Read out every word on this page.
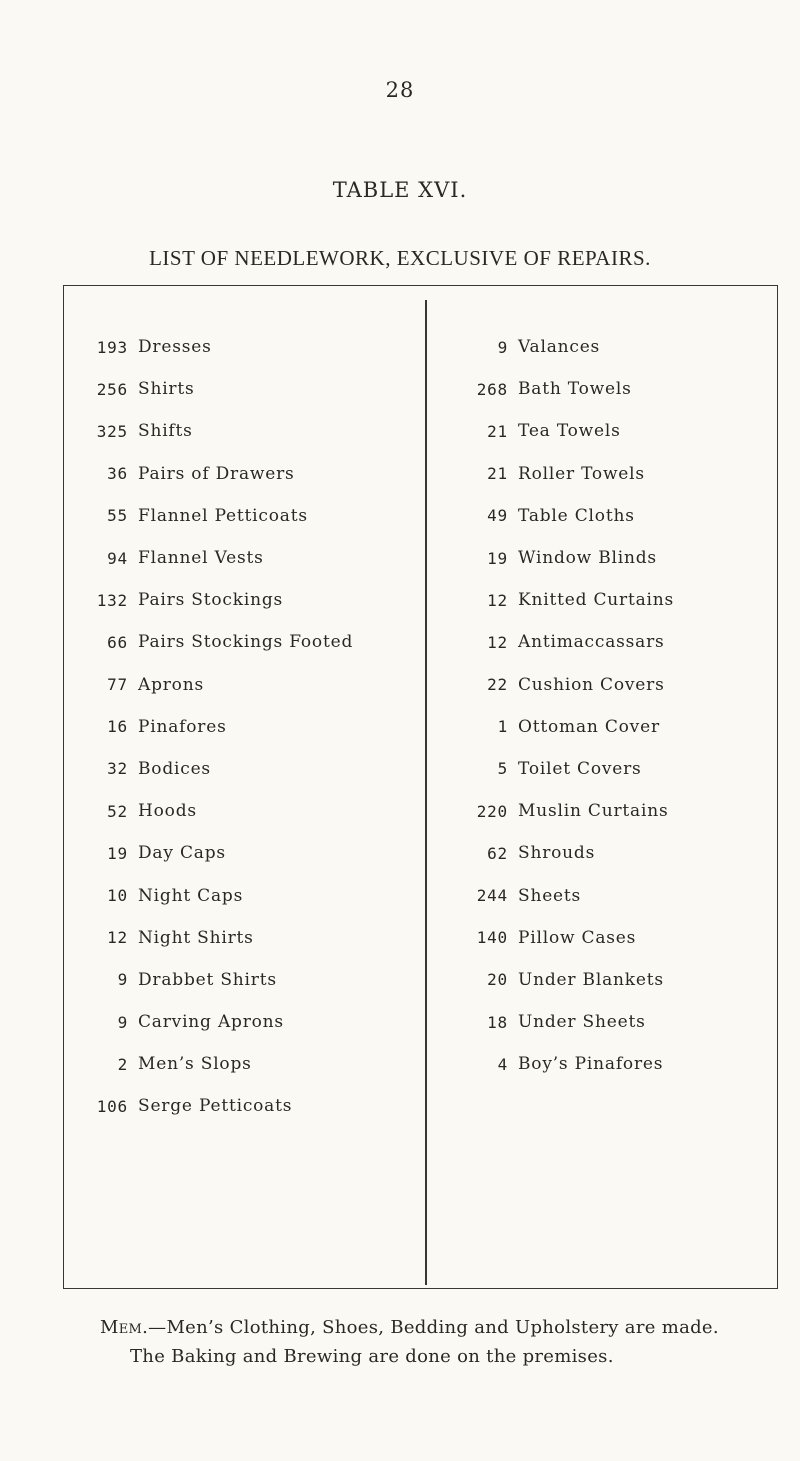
28
TABLE XVI.
LIST OF NEEDLEWORK, EXCLUSIVE OF REPAIRS.
193 Dresses
256 Shirts
325 Shifts
36 Pairs of Drawers
55 Flannel Petticoats
94 Flannel Vests
132 Pairs Stockings
66 Pairs Stockings Footed
77 Aprons
16 Pinafores
32 Bodices
52 Hoods
19 Day Caps
10 Night Caps
12 Night Shirts
9 Drabbet Shirts
9 Carving Aprons
2 Men’s Slops
106 Serge Petticoats
9 Valances
268 Bath Towels
21 Tea Towels
21 Roller Towels
49 Table Cloths
19 Window Blinds
12 Knitted Curtains
12 Antimaccassars
22 Cushion Covers
1 Ottoman Cover
5 Toilet Covers
220 Muslin Curtains
62 Shrouds
244 Sheets
140 Pillow Cases
20 Under Blankets
18 Under Sheets
4 Boy’s Pinafores
Mem.—Men’s Clothing, Shoes, Bedding and Upholstery are made.
The Baking and Brewing are done on the premises.
